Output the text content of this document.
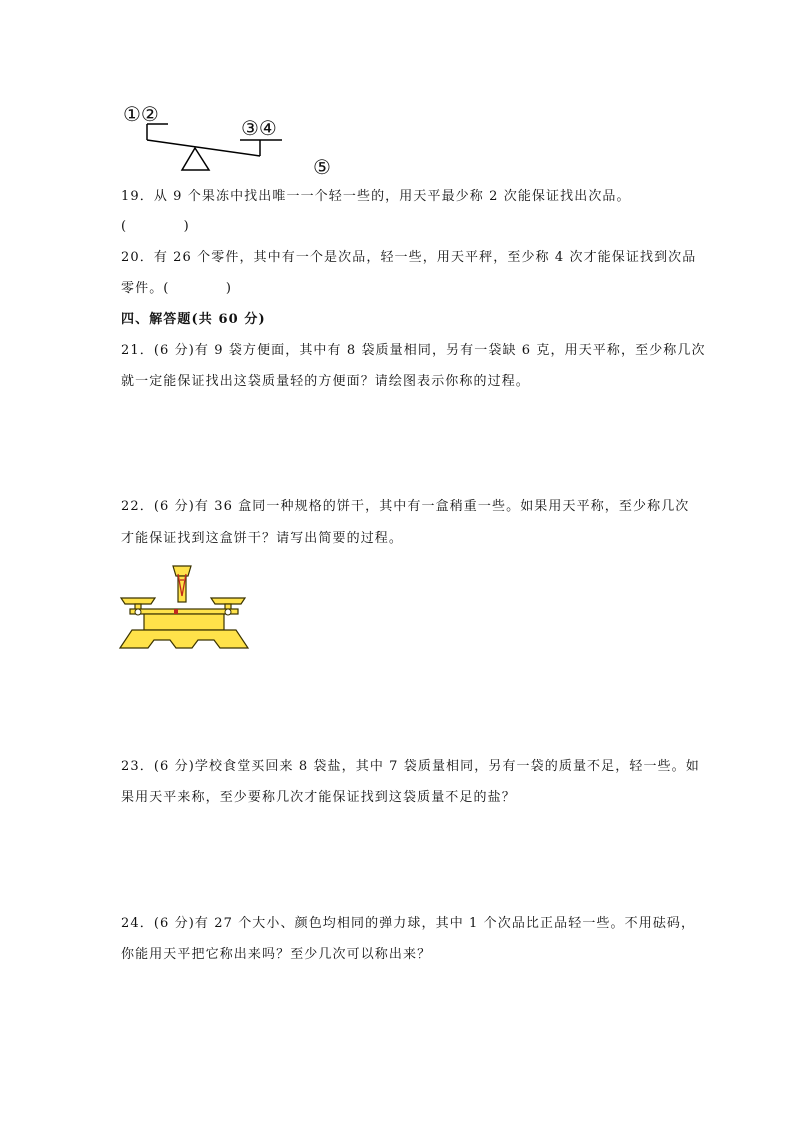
①②
③④
⑤
19．从 9 个果冻中找出唯一一个轻一些的，用天平最少称 2 次能保证找出次品。
(　　　　)
20．有 26 个零件，其中有一个是次品，轻一些，用天平秤，至少称 4 次才能保证找到次品
零件。(　　　　)
四、解答题(共 60 分)
21．(6 分)有 9 袋方便面，其中有 8 袋质量相同，另有一袋缺 6 克，用天平称，至少称几次
就一定能保证找出这袋质量轻的方便面？请绘图表示你称的过程。
22．(6 分)有 36 盒同一种规格的饼干，其中有一盒稍重一些。如果用天平称，至少称几次
才能保证找到这盒饼干？请写出简要的过程。
23．(6 分)学校食堂买回来 8 袋盐，其中 7 袋质量相同，另有一袋的质量不足，轻一些。如
果用天平来称，至少要称几次才能保证找到这袋质量不足的盐？
24．(6 分)有 27 个大小、颜色均相同的弹力球，其中 1 个次品比正品轻一些。不用砝码，
你能用天平把它称出来吗？至少几次可以称出来？
